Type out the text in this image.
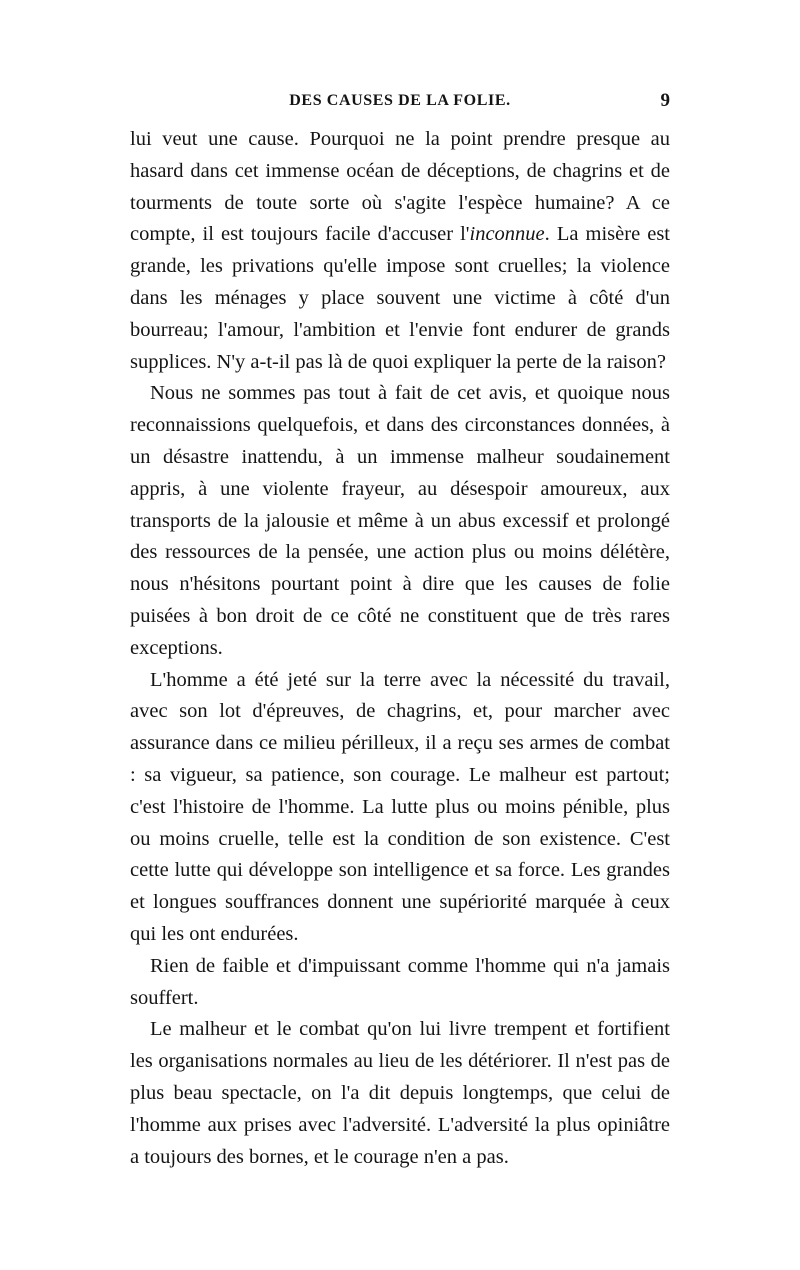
DES CAUSES DE LA FOLIE.	9

lui veut une cause. Pourquoi ne la point prendre presque au hasard dans cet immense océan de déceptions, de chagrins et de tourments de toute sorte où s'agite l'espèce humaine? A ce compte, il est toujours facile d'accuser l'inconnue. La misère est grande, les privations qu'elle impose sont cruelles; la violence dans les ménages y place souvent une victime à côté d'un bourreau; l'amour, l'ambition et l'envie font endurer de grands supplices. N'y a-t-il pas là de quoi expliquer la perte de la raison?

Nous ne sommes pas tout à fait de cet avis, et quoique nous reconnaissions quelquefois, et dans des circonstances données, à un désastre inattendu, à un immense malheur soudainement appris, à une violente frayeur, au désespoir amoureux, aux transports de la jalousie et même à un abus excessif et prolongé des ressources de la pensée, une action plus ou moins délétère, nous n'hésitons pourtant point à dire que les causes de folie puisées à bon droit de ce côté ne constituent que de très rares exceptions.

L'homme a été jeté sur la terre avec la nécessité du travail, avec son lot d'épreuves, de chagrins, et, pour marcher avec assurance dans ce milieu périlleux, il a reçu ses armes de combat : sa vigueur, sa patience, son courage. Le malheur est partout; c'est l'histoire de l'homme. La lutte plus ou moins pénible, plus ou moins cruelle, telle est la condition de son existence. C'est cette lutte qui développe son intelligence et sa force. Les grandes et longues souffrances donnent une supériorité marquée à ceux qui les ont endurées.

Rien de faible et d'impuissant comme l'homme qui n'a jamais souffert.

Le malheur et le combat qu'on lui livre trempent et fortifient les organisations normales au lieu de les détériorer. Il n'est pas de plus beau spectacle, on l'a dit depuis longtemps, que celui de l'homme aux prises avec l'adversité. L'adversité la plus opiniâtre a toujours des bornes, et le courage n'en a pas.
